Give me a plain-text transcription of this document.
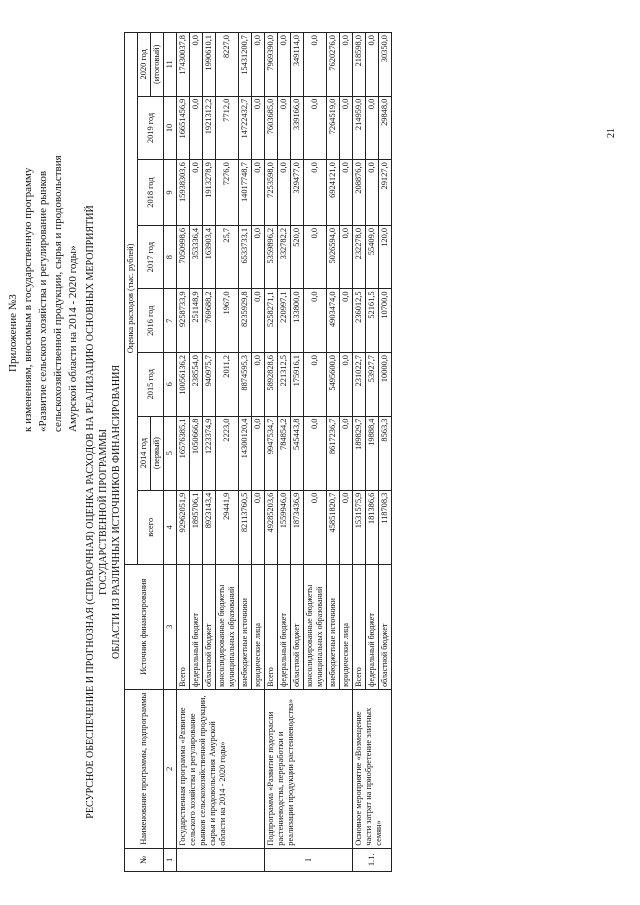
21
Приложение №3 к изменениям, вносимым в государственную программу «Развитие сельского хозяйства и регулирование рынков сельскохозяйственной продукции, сырья и продовольствия Амурской области на 2014 - 2020 годы» РЕСУРСНОЕ ОБЕСПЕЧЕНИЕ И ПРОГНОЗНАЯ (СПРАВОЧНАЯ) ОЦЕНКА РАСХОДОВ НА РЕАЛИЗАЦИЮ ОСНОВНЫХ МЕРОПРИЯТИЙ ГОСУДАРСТВЕННОЙ ПРОГРАММЫ ОБЛАСТИ ИЗ РАЗЛИЧНЫХ ИСТОЧНИКОВ ФИНАНСИРОВАНИЯ
№	Наименование программы, подпрограммы	Источник финансирования	Оценка расходов (тыс. рублей)							
			всего	2014 год	2015 год	2016 год	2017 год	2018 год	2019 год	2020 год
				(первый)						(итоговый)
1	2	3	4	5	6	7	8	9	10	11
	Государственная программа «Развитие сельского хозяйства и регулирование рынков сельскохозяйственной продукции, сырья и продовольствия Амурской области на 2014 - 2020 годы»	Всего	92962051,9	16576385,1	10056136,2	9258733,9	7050998,6	15938303,6	16651456,9	17430037,8
		федеральный бюджет	1895706,1	1050666,8	238554,0	251148,9	353336,4	0,0	0,0	0,0
		областной бюджет	8923143,4	1223374,9	940975,7	769688,2	163903,4	1913278,9	1921312,2	1990610,1
		консолидированные бюджеты муниципальных образований	29441,9	2223,0	2011,2	1967,0	25,7	7276,0	7712,0	8227,0
		внебюджетные источники	82113760,5	14300120,4	8874595,3	8235929,8	6533733,1	14017748,7	14722432,7	15431200,7
		юридические лица	0,0	0,0	0,0	0,0	0,0	0,0	0,0	0,0
I	Подпрограмма «Развитие подотрасли растениеводства, переработки и реализации продукции растениеводства»	Всего	49285203,6	9947534,7	5892828,6	5258271,1	5359896,2	7253598,0	7603685,0	7969390,0
		федеральный бюджет	1559946,0	784854,2	221312,5	220997,1	332782,2	0,0	0,0	0,0
		областной бюджет	1873436,9	545443,8	175916,1	133800,0	520,0	329477,0	339166,0	349114,0
		консолидированные бюджеты муниципальных образований	0,0	0,0	0,0	0,0	0,0	0,0	0,0	0,0
		внебюджетные источники	45851820,7	8617236,7	5495600,0	4903474,0	5026594,0	6924121,0	7264519,0	7620276,0
		юридические лица	0,0	0,0	0,0	0,0	0,0	0,0	0,0	0,0
1.1.	Основное мероприятие «Возмещение части затрат на приобретение элитных семян»	Всего	1531575,9	189829,7	231022,7	236012,5	232278,0	208876,0	214959,0	218598,0
		федеральный бюджет	181386,6	19888,4	53927,7	52161,5	55409,0	0,0	0,0	0,0
		областной бюджет	118708,3	8563,3	10000,0	10700,0	120,0	29127,0	29848,0	30350,0
